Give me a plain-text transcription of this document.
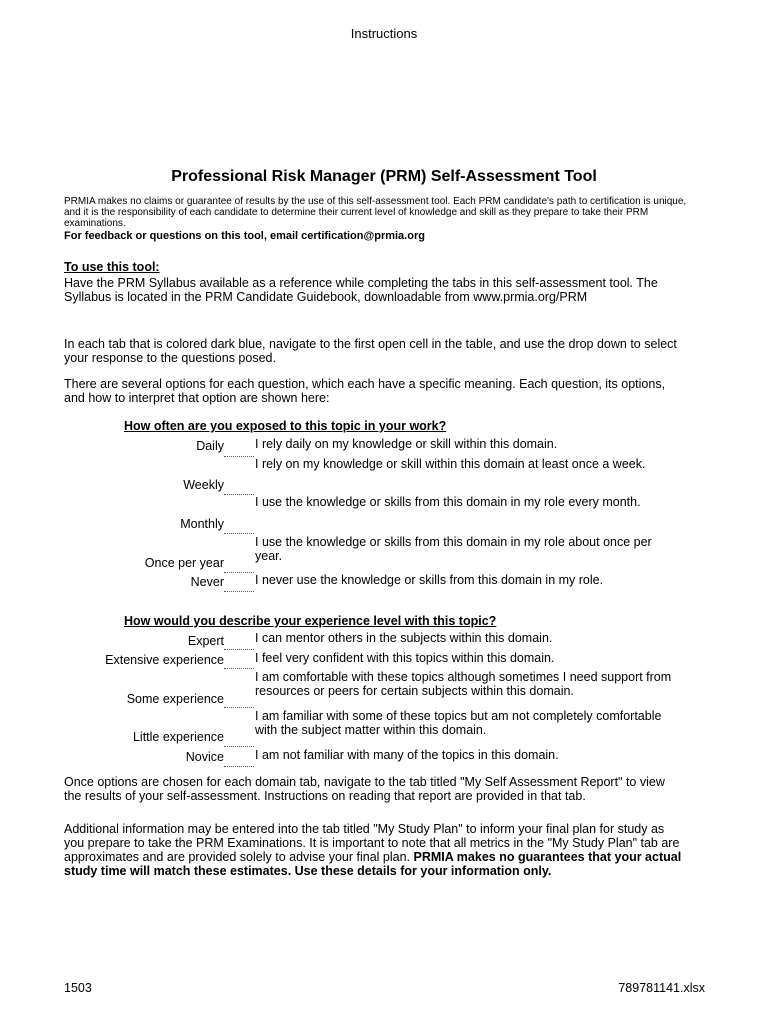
Instructions
Professional Risk Manager (PRM) Self-Assessment Tool
PRMIA makes no claims or guarantee of results by the use of this self-assessment tool. Each PRM candidate's path to certification is unique, and it is the responsibility of each candidate to determine their current level of knowledge and skill as they prepare to take their PRM examinations.
For feedback or questions on this tool, email certification@prmia.org
To use this tool:
Have the PRM Syllabus available as a reference while completing the tabs in this self-assessment tool. The Syllabus is located in the PRM Candidate Guidebook, downloadable from www.prmia.org/PRM
In each tab that is colored dark blue, navigate to the first open cell in the table, and use the drop down to select your response to the questions posed.
There are several options for each question, which each have a specific meaning. Each question, its options, and how to interpret that option are shown here:
How often are you exposed to this topic in your work?
Daily I rely daily on my knowledge or skill within this domain.
I rely on my knowledge or skill within this domain at least once a week.
Weekly
I use the knowledge or skills from this domain in my role every month.
Monthly
I use the knowledge or skills from this domain in my role about once per year.
Once per year
Never I never use the knowledge or skills from this domain in my role.
How would you describe your experience level with this topic?
Expert I can mentor others in the subjects within this domain.
Extensive experience I feel very confident with this topics within this domain.
I am comfortable with these topics although sometimes I need support from resources or peers for certain subjects within this domain.
Some experience
I am familiar with some of these topics but am not completely comfortable with the subject matter within this domain.
Little experience
Novice I am not familiar with many of the topics in this domain.
Once options are chosen for each domain tab, navigate to the tab titled "My Self Assessment Report" to view the results of your self-assessment. Instructions on reading that report are provided in that tab.
Additional information may be entered into the tab titled "My Study Plan" to inform your final plan for study as you prepare to take the PRM Examinations. It is important to note that all metrics in the "My Study Plan" tab are approximates and are provided solely to advise your final plan. PRMIA makes no guarantees that your actual study time will match these estimates. Use these details for your information only.
1503	789781141.xlsx
